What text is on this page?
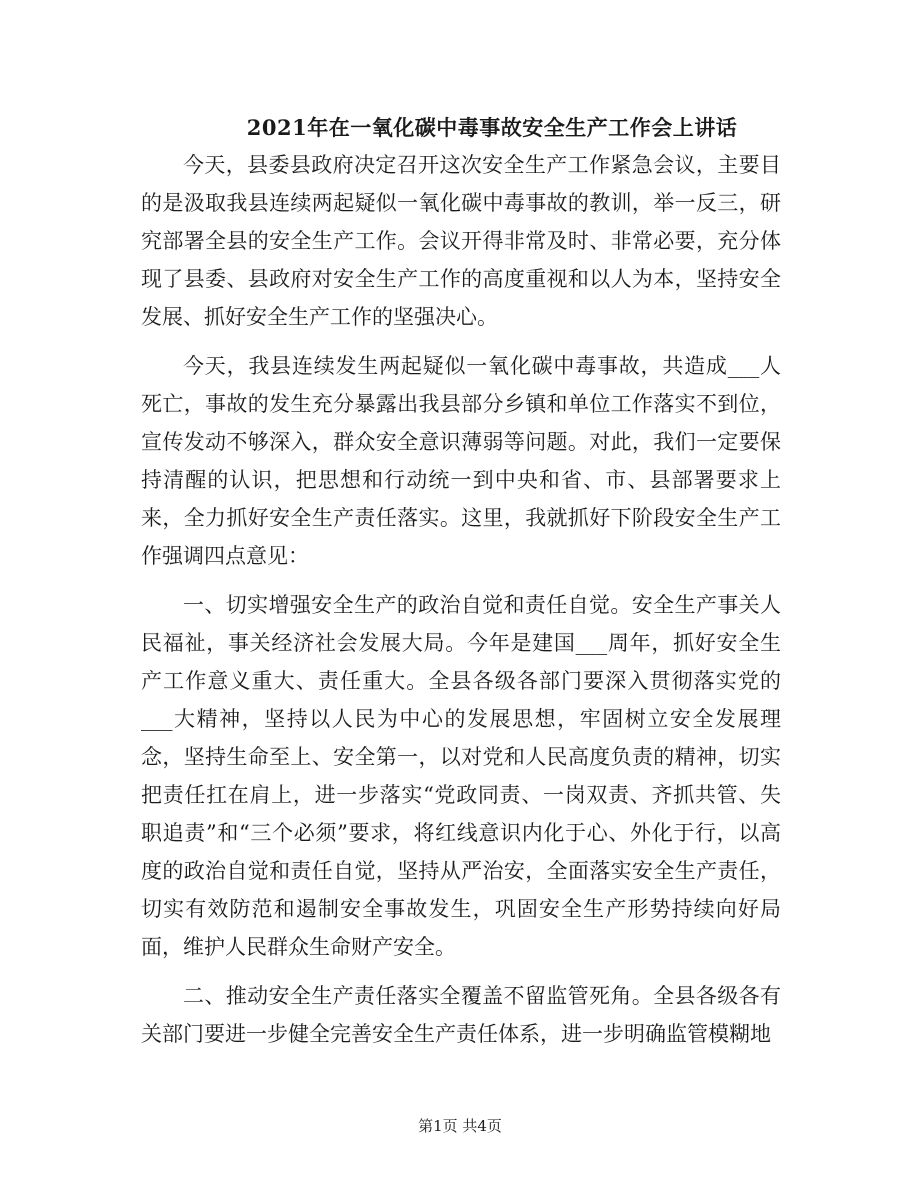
2021年在一氧化碳中毒事故安全生产工作会上讲话

今天，县委县政府决定召开这次安全生产工作紧急会议，主要目的是汲取我县连续两起疑似一氧化碳中毒事故的教训，举一反三，研究部署全县的安全生产工作。会议开得非常及时、非常必要，充分体现了县委、县政府对安全生产工作的高度重视和以人为本，坚持安全发展、抓好安全生产工作的坚强决心。

今天，我县连续发生两起疑似一氧化碳中毒事故，共造成___人死亡，事故的发生充分暴露出我县部分乡镇和单位工作落实不到位，宣传发动不够深入，群众安全意识薄弱等问题。对此，我们一定要保持清醒的认识，把思想和行动统一到中央和省、市、县部署要求上来，全力抓好安全生产责任落实。这里，我就抓好下阶段安全生产工作强调四点意见：

一、切实增强安全生产的政治自觉和责任自觉。安全生产事关人民福祉，事关经济社会发展大局。今年是建国___周年，抓好安全生产工作意义重大、责任重大。全县各级各部门要深入贯彻落实党的___大精神，坚持以人民为中心的发展思想，牢固树立安全发展理念，坚持生命至上、安全第一，以对党和人民高度负责的精神，切实把责任扛在肩上，进一步落实“党政同责、一岗双责、齐抓共管、失职追责”和“三个必须”要求，将红线意识内化于心、外化于行，以高度的政治自觉和责任自觉，坚持从严治安，全面落实安全生产责任，切实有效防范和遏制安全事故发生，巩固安全生产形势持续向好局面，维护人民群众生命财产安全。

二、推动安全生产责任落实全覆盖不留监管死角。全县各级各有关部门要进一步健全完善安全生产责任体系，进一步明确监管模糊地

第1页 共4页
